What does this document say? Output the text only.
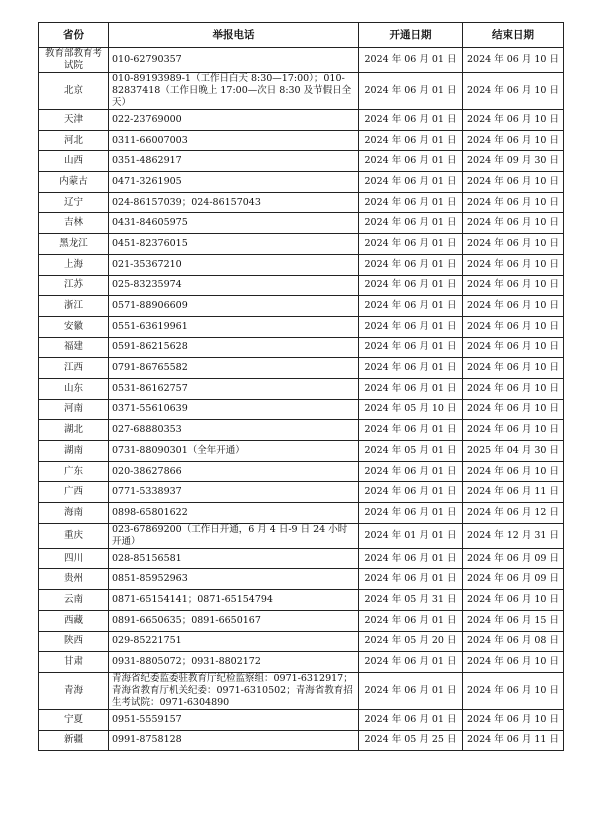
省份	举报电话	开通日期	结束日期
教育部教育考试院	010-62790357	2024 年 06 月 01 日	2024 年 06 月 10 日
北京	010-89193989-1（工作日白天 8:30—17:00）；010-82837418（工作日晚上 17:00—次日 8:30 及节假日全天）	2024 年 06 月 01 日	2024 年 06 月 10 日
天津	022-23769000	2024 年 06 月 01 日	2024 年 06 月 10 日
河北	0311-66007003	2024 年 06 月 01 日	2024 年 06 月 10 日
山西	0351-4862917	2024 年 06 月 01 日	2024 年 09 月 30 日
内蒙古	0471-3261905	2024 年 06 月 01 日	2024 年 06 月 10 日
辽宁	024-86157039；024-86157043	2024 年 06 月 01 日	2024 年 06 月 10 日
吉林	0431-84605975	2024 年 06 月 01 日	2024 年 06 月 10 日
黑龙江	0451-82376015	2024 年 06 月 01 日	2024 年 06 月 10 日
上海	021-35367210	2024 年 06 月 01 日	2024 年 06 月 10 日
江苏	025-83235974	2024 年 06 月 01 日	2024 年 06 月 10 日
浙江	0571-88906609	2024 年 06 月 01 日	2024 年 06 月 10 日
安徽	0551-63619961	2024 年 06 月 01 日	2024 年 06 月 10 日
福建	0591-86215628	2024 年 06 月 01 日	2024 年 06 月 10 日
江西	0791-86765582	2024 年 06 月 01 日	2024 年 06 月 10 日
山东	0531-86162757	2024 年 06 月 01 日	2024 年 06 月 10 日
河南	0371-55610639	2024 年 05 月 10 日	2024 年 06 月 10 日
湖北	027-68880353	2024 年 06 月 01 日	2024 年 06 月 10 日
湖南	0731-88090301（全年开通）	2024 年 05 月 01 日	2025 年 04 月 30 日
广东	020-38627866	2024 年 06 月 01 日	2024 年 06 月 10 日
广西	0771-5338937	2024 年 06 月 01 日	2024 年 06 月 11 日
海南	0898-65801622	2024 年 06 月 01 日	2024 年 06 月 12 日
重庆	023-67869200（工作日开通，6 月 4 日-9 日 24 小时开通）	2024 年 01 月 01 日	2024 年 12 月 31 日
四川	028-85156581	2024 年 06 月 01 日	2024 年 06 月 09 日
贵州	0851-85952963	2024 年 06 月 01 日	2024 年 06 月 09 日
云南	0871-65154141；0871-65154794	2024 年 05 月 31 日	2024 年 06 月 10 日
西藏	0891-6650635；0891-6650167	2024 年 06 月 01 日	2024 年 06 月 15 日
陕西	029-85221751	2024 年 05 月 20 日	2024 年 06 月 08 日
甘肃	0931-8805072；0931-8802172	2024 年 06 月 01 日	2024 年 06 月 10 日
青海	青海省纪委监委驻教育厅纪检监察组：0971-6312917；青海省教育厅机关纪委：0971-6310502；青海省教育招生考试院：0971-6304890	2024 年 06 月 01 日	2024 年 06 月 10 日
宁夏	0951-5559157	2024 年 06 月 01 日	2024 年 06 月 10 日
新疆	0991-8758128	2024 年 05 月 25 日	2024 年 06 月 11 日
